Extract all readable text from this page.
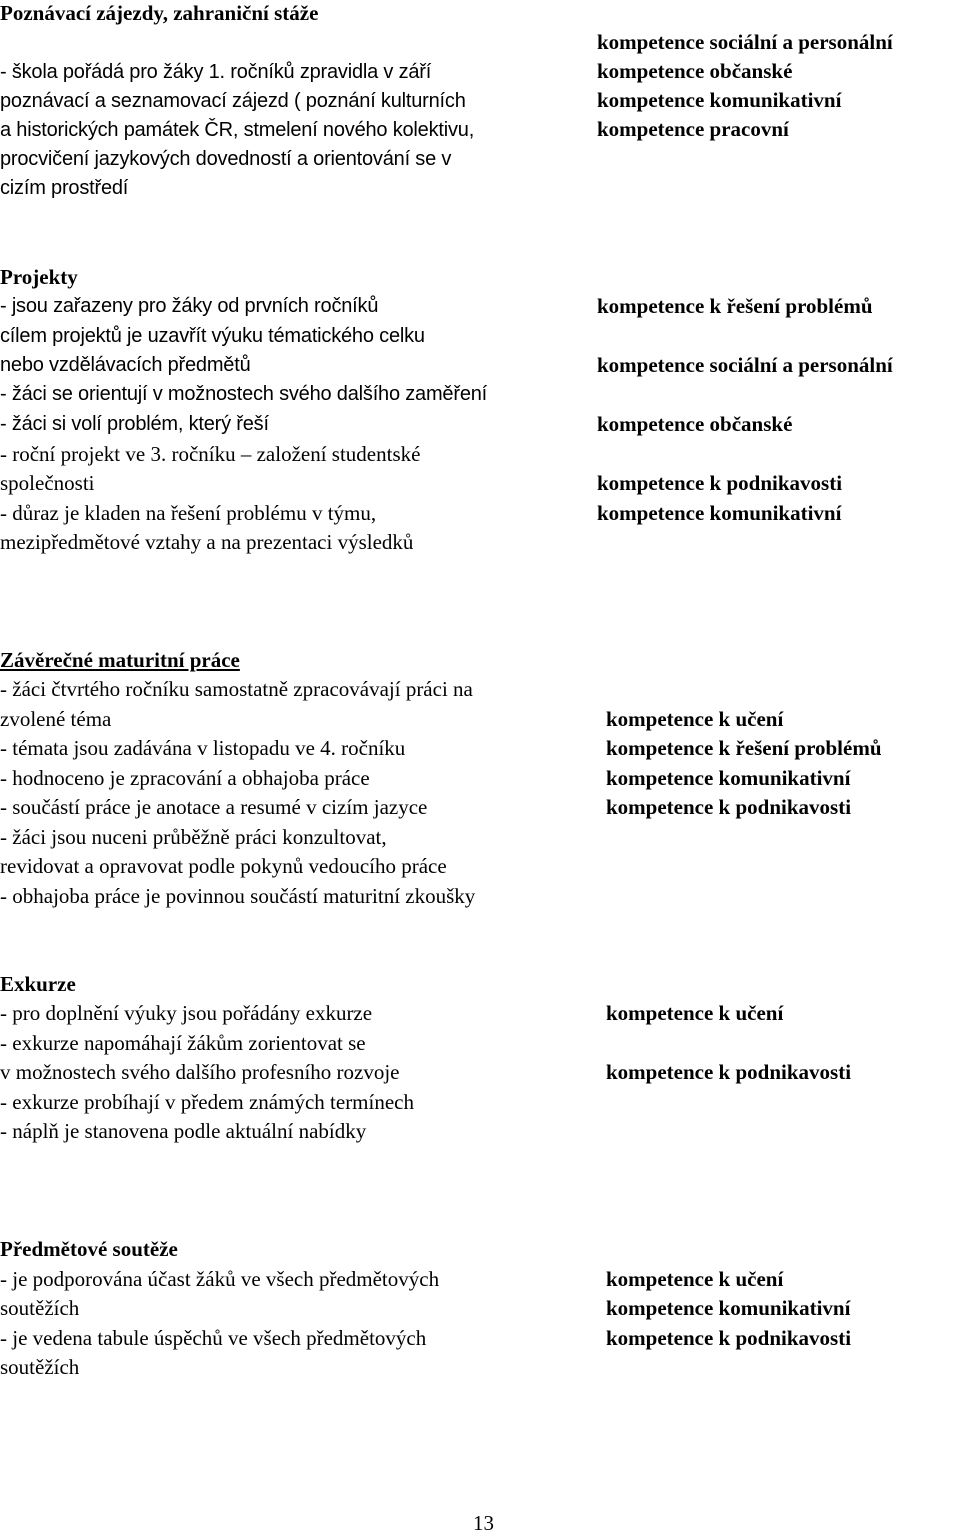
Poznávací zájezdy, zahraniční stáže
- škola pořádá pro žáky 1. ročníků zpravidla v září
poznávací a seznamovací zájezd ( poznání kulturních
a historických památek ČR, stmelení nového kolektivu,
procvičení jazykových dovedností a orientování se v
cizím prostředí
kompetence sociální a personální
kompetence občanské
kompetence komunikativní
kompetence pracovní
Projekty
- jsou zařazeny pro žáky od prvních ročníků
cílem projektů je uzavřít výuku tématického celku
nebo vzdělávacích předmětů
- žáci se orientují v možnostech svého dalšího zaměření
- žáci si volí problém, který řeší
- roční projekt ve 3. ročníku – založení studentské
společnosti
- důraz je kladen na řešení problému v týmu,
mezipředmětové vztahy a na prezentaci výsledků
kompetence k řešení problémů
kompetence sociální a personální
kompetence občanské
kompetence k podnikavosti
kompetence komunikativní
Závěrečné maturitní práce
- žáci čtvrtého ročníku samostatně zpracovávají práci na
zvolené téma
- témata jsou zadávána v listopadu ve 4. ročníku
- hodnoceno je zpracování a obhajoba práce
- součástí práce je anotace a resumé v cizím jazyce
- žáci jsou nuceni průběžně práci konzultovat,
revidovat a opravovat podle pokynů vedoucího práce
- obhajoba práce je povinnou součástí maturitní zkoušky
kompetence k učení
kompetence k řešení problémů
kompetence komunikativní
kompetence k podnikavosti
Exkurze
- pro doplnění výuky jsou pořádány exkurze
- exkurze napomáhají žákům zorientovat se
v možnostech svého dalšího profesního rozvoje
- exkurze probíhají v předem známých termínech
- náplň je stanovena podle aktuální nabídky
kompetence k učení
kompetence k podnikavosti
Předmětové soutěže
- je podporována účast žáků ve všech předmětových
soutěžích
- je vedena tabule úspěchů ve všech předmětových
soutěžích
kompetence k učení
kompetence komunikativní
kompetence k podnikavosti
13
